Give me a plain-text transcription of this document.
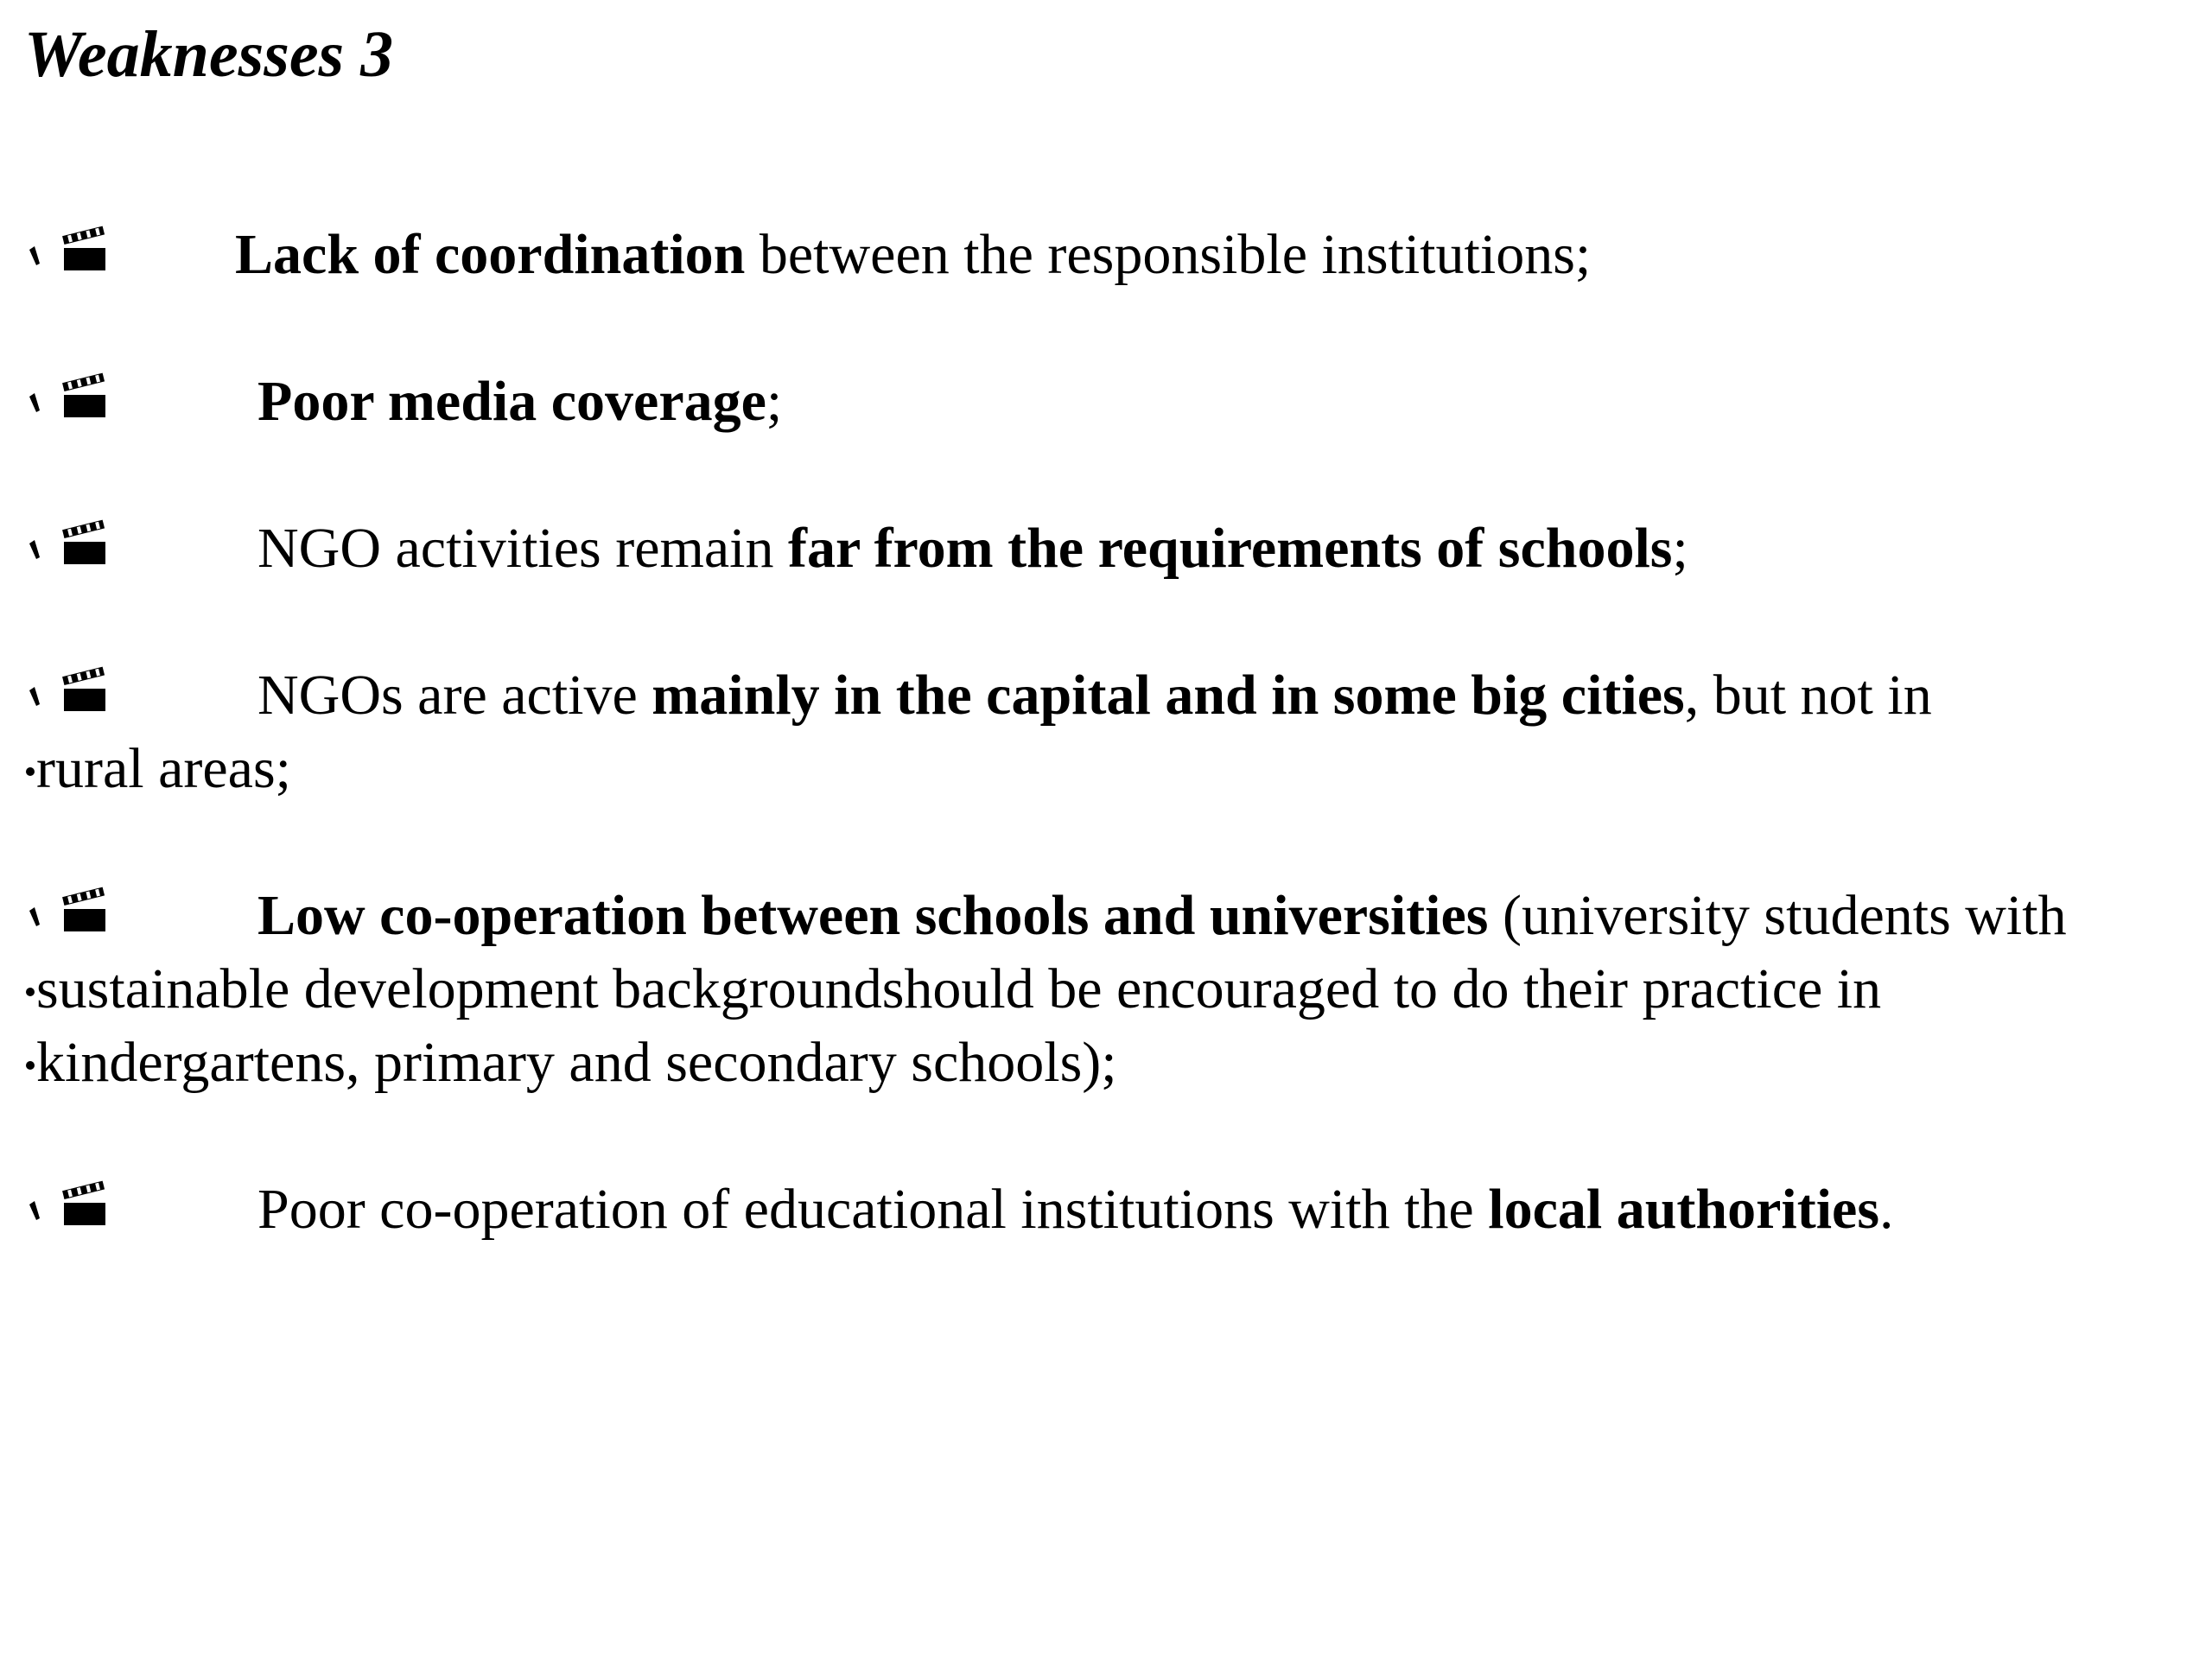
Weaknesses 3
Lack of coordination between the responsible institutions;
Poor media coverage;
NGO activities remain far from the requirements of schools;
NGOs are active mainly in the capital and in some big cities, but not in
rural areas;
Low co-operation between schools and universities (university students with
sustainable development backgroundshould be encouraged to do their practice in
kindergartens, primary and secondary schools);
Poor co-operation of educational institutions with the local authorities.
